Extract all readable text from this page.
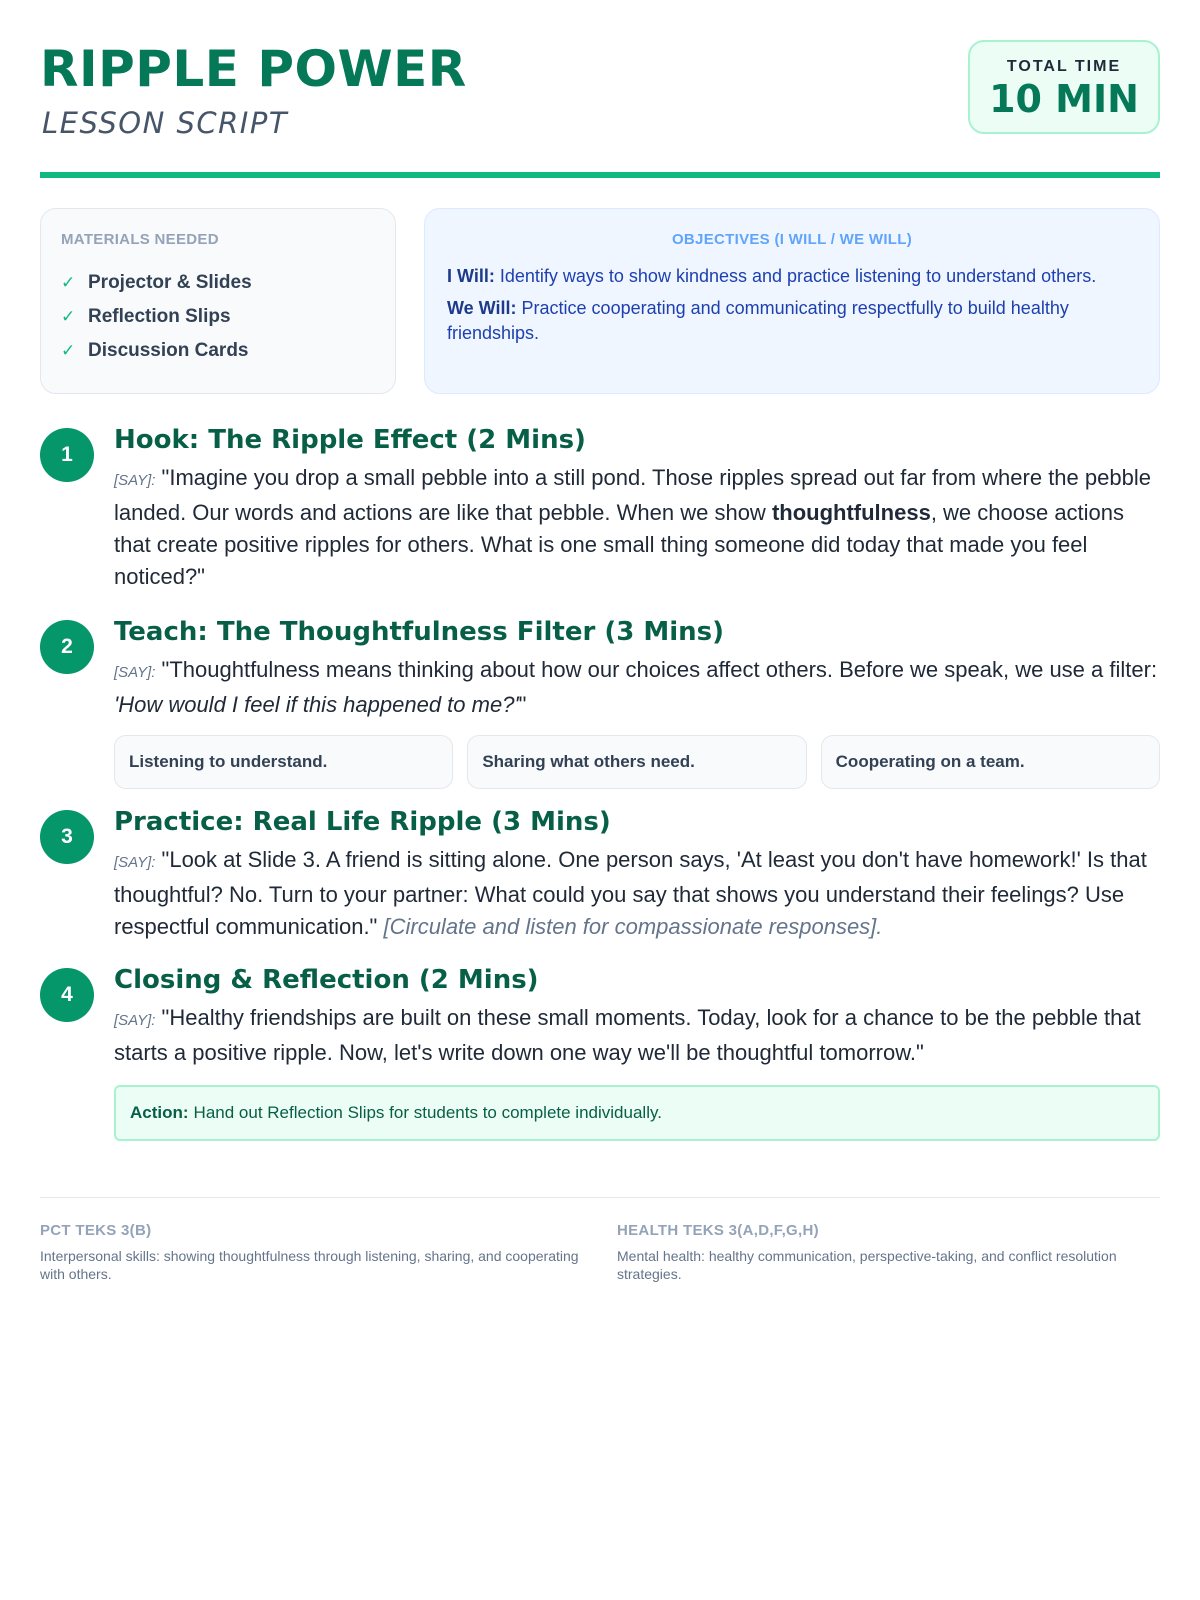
RIPPLE POWER
LESSON SCRIPT
TOTAL TIME
10 MIN
MATERIALS NEEDED
✓ Projector & Slides
✓ Reflection Slips
✓ Discussion Cards
OBJECTIVES (I WILL / WE WILL)
I Will: Identify ways to show kindness and practice listening to understand others.
We Will: Practice cooperating and communicating respectfully to build healthy friendships.
1	Hook: The Ripple Effect (2 Mins)
[SAY]: "Imagine you drop a small pebble into a still pond. Those ripples spread out far from where the pebble landed. Our words and actions are like that pebble. When we show thoughtfulness, we choose actions that create positive ripples for others. What is one small thing someone did today that made you feel noticed?"
2	Teach: The Thoughtfulness Filter (3 Mins)
[SAY]: "Thoughtfulness means thinking about how our choices affect others. Before we speak, we use a filter: 'How would I feel if this happened to me?'"
Listening to understand.	Sharing what others need.	Cooperating on a team.
3	Practice: Real Life Ripple (3 Mins)
[SAY]: "Look at Slide 3. A friend is sitting alone. One person says, 'At least you don't have homework!' Is that thoughtful? No. Turn to your partner: What could you say that shows you understand their feelings? Use respectful communication." [Circulate and listen for compassionate responses].
4	Closing & Reflection (2 Mins)
[SAY]: "Healthy friendships are built on these small moments. Today, look for a chance to be the pebble that starts a positive ripple. Now, let's write down one way we'll be thoughtful tomorrow."
Action: Hand out Reflection Slips for students to complete individually.
PCT TEKS 3(B)
Interpersonal skills: showing thoughtfulness through listening, sharing, and cooperating with others.
HEALTH TEKS 3(A,D,F,G,H)
Mental health: healthy communication, perspective-taking, and conflict resolution strategies.
